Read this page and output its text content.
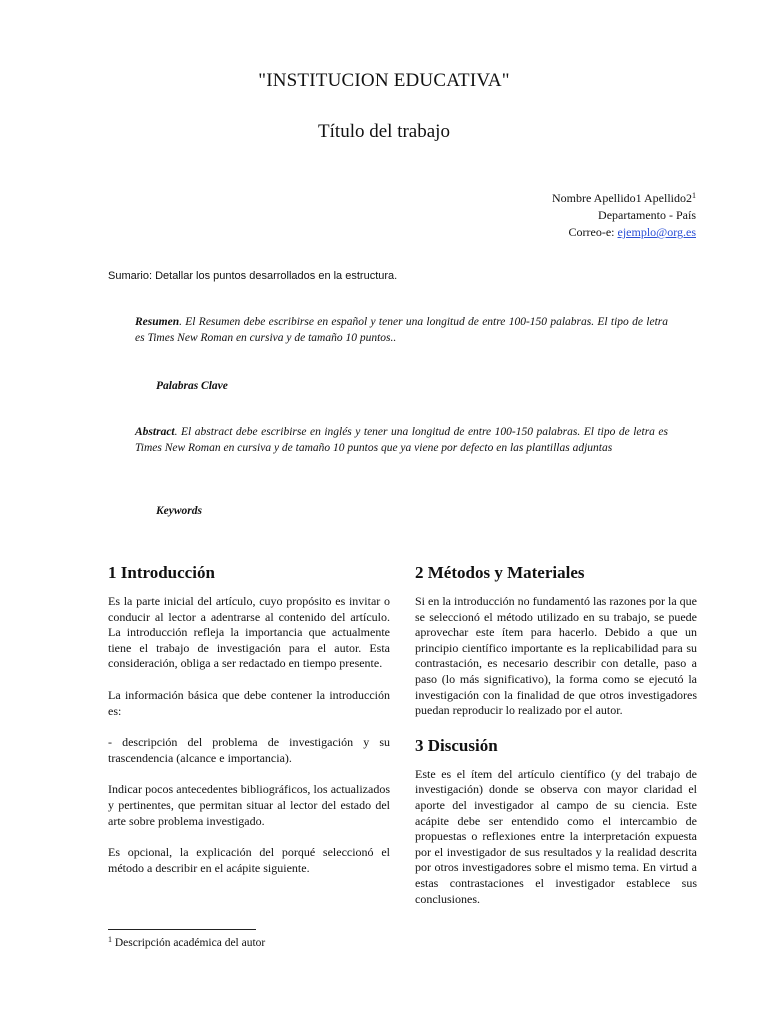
"INSTITUCION EDUCATIVA"
Título del trabajo
Nombre Apellido1 $Apellido2^1$
Departamento - País
Correo-e: ejemplo@org.es
Sumario: Detallar los puntos desarrollados en la estructura.
Resumen. El Resumen debe escribirse en español y tener una longitud de entre 100-150 palabras. El tipo de letra es Times New Roman en cursiva y de tamaño 10 puntos..
Palabras Clave
Abstract. El abstract debe escribirse en inglés y tener una longitud de entre 100-150 palabras. El tipo de letra es Times New Roman en cursiva y de tamaño 10 puntos que ya viene por defecto en las plantillas adjuntas
Keywords
1 Introducción

Es la parte inicial del artículo, cuyo propósito es invitar o conducir al lector a adentrarse al contenido del artículo. La introducción refleja la importancia que actualmente tiene el trabajo de investigación para el autor. Esta consideración, obliga a ser redactado en tiempo presente.

La información básica que debe contener la introducción es:

- descripción del problema de investigación y su trascendencia (alcance e importancia).

Indicar pocos antecedentes bibliográficos, los actualizados y pertinentes, que permitan situar al lector del estado del arte sobre problema investigado.

Es opcional, la explicación del porqué seleccionó el método a describir en el acápite siguiente.

2 Métodos y Materiales

Si en la introducción no fundamentó las razones por la que se seleccionó el método utilizado en su trabajo, se puede aprovechar este ítem para hacerlo. Debido a que un principio científico importante es la replicabilidad para su contrastación, es necesario describir con detalle, paso a paso (lo más significativo), la forma como se ejecutó la investigación con la finalidad de que otros investigadores puedan reproducir lo realizado por el autor.

3 Discusión

Este es el ítem del artículo científico (y del trabajo de investigación) donde se observa con mayor claridad el aporte del investigador al campo de su ciencia. Este acápite debe ser entendido como el intercambio de propuestas o reflexiones entre la interpretación expuesta por el investigador de sus resultados y la realidad descrita por otros investigadores sobre el mismo tema. En virtud a estas contrastaciones el investigador establece sus conclusiones.

$^1$ Descripción académica del autor
